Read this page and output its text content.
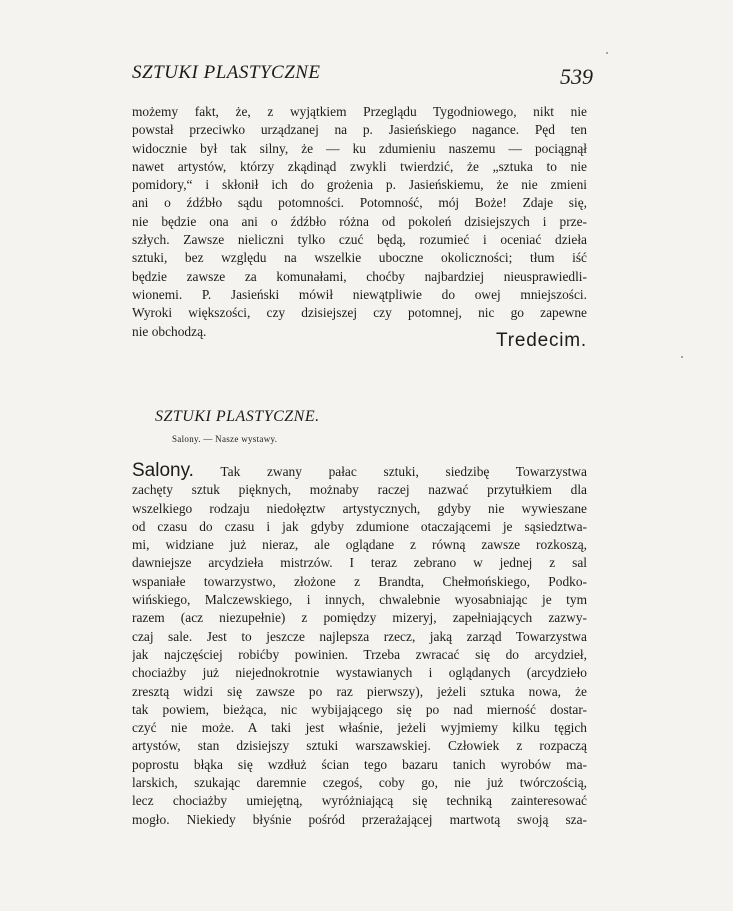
SZTUKI PLASTYCZNE	539
możemy fakt, że, z wyjątkiem Przeglądu Tygodniowego, nikt nie
powstał przeciwko urządzanej na p. Jasieńskiego nagance. Pęd ten
widocznie był tak silny, że — ku zdumieniu naszemu — pociągnął
nawet artystów, którzy zkądinąd zwykli twierdzić, że „sztuka to nie
pomidory,“ i skłonił ich do grożenia p. Jasieńskiemu, że nie zmieni
ani o źdźbło sądu potomności. Potomność, mój Boże! Zdaje się,
nie będzie ona ani o źdźbło różna od pokoleń dzisiejszych i prze-
szłych. Zawsze nieliczni tylko czuć będą, rozumieć i oceniać dzieła
sztuki, bez względu na wszelkie uboczne okoliczności; tłum iść
będzie zawsze za komunałami, choćby najbardziej nieusprawiedli-
wionemi. P. Jasieński mówił niewątpliwie do owej mniejszości.
Wyroki większości, czy dzisiejszej czy potomnej, nic go zapewne
nie obchodzą.	Tredecim.
SZTUKI PLASTYCZNE.
Salony. — Nasze wystawy.
Salony. Tak zwany pałac sztuki, siedzibę Towarzystwa
zachęty sztuk pięknych, możnaby raczej nazwać przytułkiem dla
wszelkiego rodzaju niedołęztw artystycznych, gdyby nie wywieszane
od czasu do czasu i jak gdyby zdumione otaczającemi je sąsiedztwa-
mi, widziane już nieraz, ale oglądane z równą zawsze rozkoszą,
dawniejsze arcydzieła mistrzów. I teraz zebrano w jednej z sal
wspaniałe towarzystwo, złożone z Brandta, Chełmońskiego, Podko-
wińskiego, Malczewskiego, i innych, chwalebnie wyosabniając je tym
razem (acz niezupełnie) z pomiędzy mizeryj, zapełniających zazwy-
czaj sale. Jest to jeszcze najlepsza rzecz, jaką zarząd Towarzystwa
jak najczęściej robićby powinien. Trzeba zwracać się do arcydzieł,
chociażby już niejednokrotnie wystawianych i oglądanych (arcydzieło
zresztą widzi się zawsze po raz pierwszy), jeżeli sztuka nowa, że
tak powiem, bieżąca, nic wybijającego się po nad mierność dostar-
czyć nie może. A taki jest właśnie, jeżeli wyjmiemy kilku tęgich
artystów, stan dzisiejszy sztuki warszawskiej. Człowiek z rozpaczą
poprostu błąka się wzdłuż ścian tego bazaru tanich wyrobów ma-
larskich, szukając daremnie czegoś, coby go, nie już twórczością,
lecz chociażby umiejętną, wyróżniającą się techniką zainteresować
mogło. Niekiedy błyśnie pośród przerażającej martwotą swoją sza-
